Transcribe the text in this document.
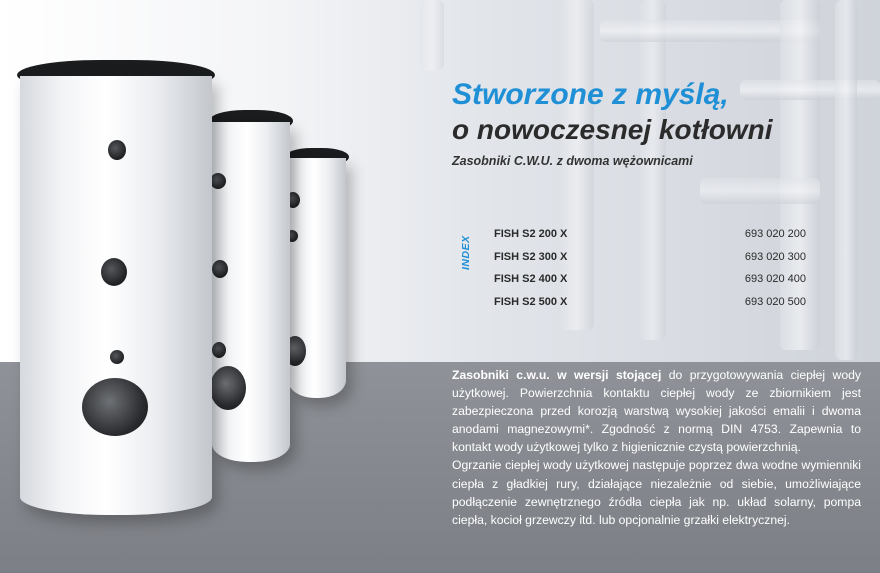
Stworzone z myślą,
o nowoczesnej kotłowni

Zasobniki C.W.U. z dwoma wężownicami

INDEX
FISH S2 200 X	693 020 200
FISH S2 300 X	693 020 300
FISH S2 400 X	693 020 400
FISH S2 500 X	693 020 500

Zasobniki c.w.u. w wersji stojącej do przygotowywania ciepłej wody użytkowej. Powierzchnia kontaktu ciepłej wody ze zbiornikiem jest zabezpieczona przed korozją warstwą wysokiej jakości emalii i dwoma anodami magnezowymi*. Zgodność z normą DIN 4753. Zapewnia to kontakt wody użytkowej tylko z higienicznie czystą powierzchnią.

Ogrzanie ciepłej wody użytkowej następuje poprzez dwa wodne wymienniki ciepła z gładkiej rury, działające niezależnie od siebie, umożliwiające podłączenie zewnętrznego źródła ciepła jak np. układ solarny, pompa ciepła, kocioł grzewczy itd. lub opcjonalnie grzałki elektrycznej.
